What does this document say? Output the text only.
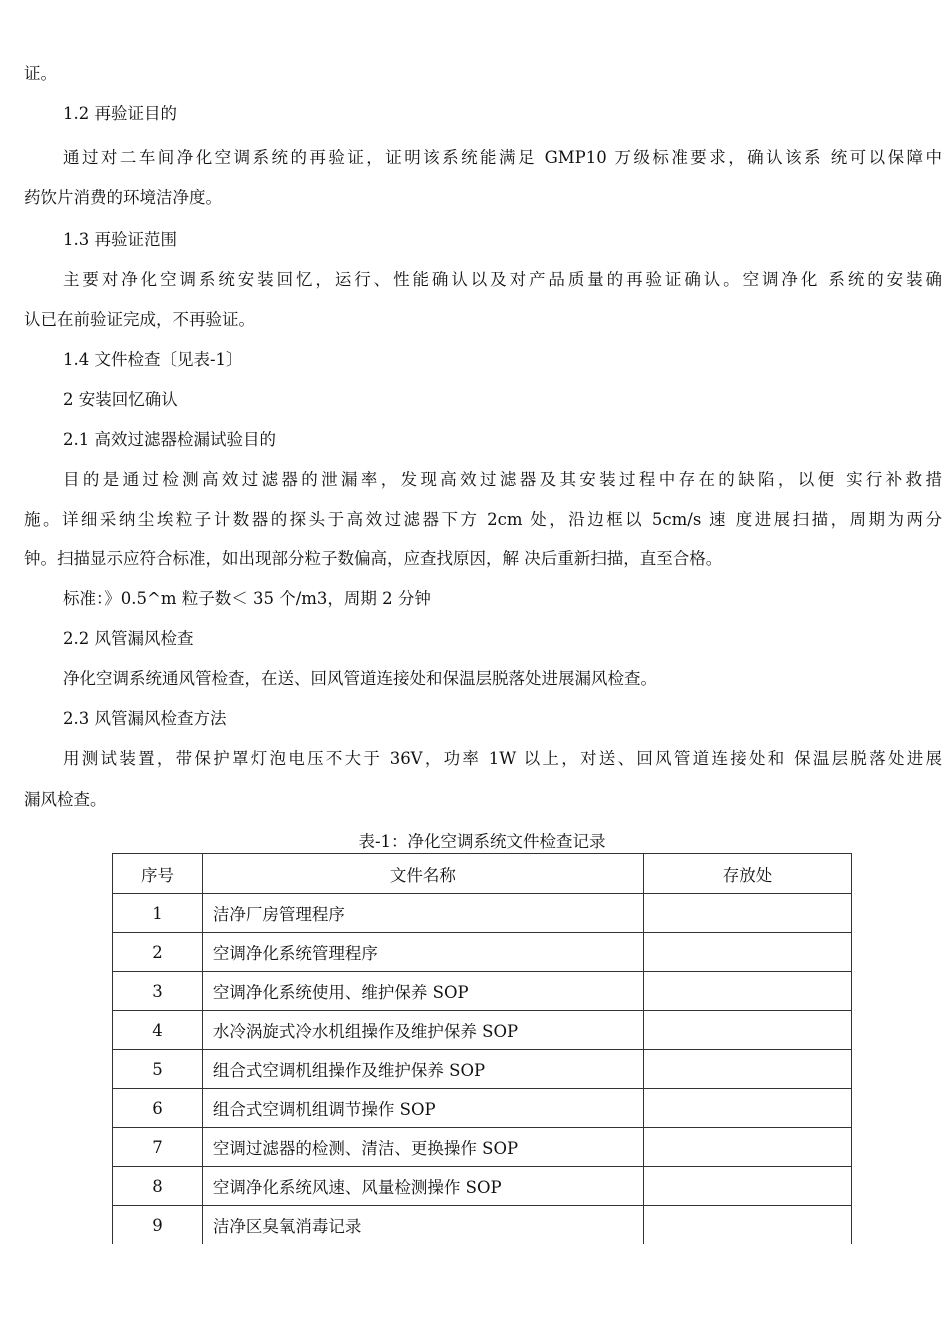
证。
1.2 再验证目的
通过对二车间净化空调系统的再验证，证明该系统能满足 GMP10 万级标准要求，确认该系 统可以保障中
药饮片消费的环境洁净度。
1.3 再验证范围
主要对净化空调系统安装回忆，运行、性能确认以及对产品质量的再验证确认。空调净化 系统的安装确
认已在前验证完成，不再验证。
1.4 文件检查〔见表-1〕
2 安装回忆确认
2.1 高效过滤器检漏试验目的
目的是通过检测高效过滤器的泄漏率，发现高效过滤器及其安装过程中存在的缺陷，以便 实行补救措
施。详细采纳尘埃粒子计数器的探头于高效过滤器下方 2cm 处，沿边框以 5cm/s 速 度进展扫描，周期为两分
钟。扫描显示应符合标准，如出现部分粒子数偏高，应查找原因，解 决后重新扫描，直至合格。
标准：》0.5^m 粒子数＜ 35 个/m3，周期 2 分钟
2.2 风管漏风检查
净化空调系统通风管检查，在送、回风管道连接处和保温层脱落处进展漏风检查。
2.3 风管漏风检查方法
用测试装置，带保护罩灯泡电压不大于 36V，功率 1W 以上，对送、回风管道连接处和 保温层脱落处进展
漏风检查。
表-1：净化空调系统文件检查记录
序号	文件名称	存放处
1	洁净厂房管理程序	
2	空调净化系统管理程序	
3	空调净化系统使用、维护保养 SOP	
4	水冷涡旋式冷水机组操作及维护保养 SOP	
5	组合式空调机组操作及维护保养 SOP	
6	组合式空调机组调节操作 SOP	
7	空调过滤器的检测、清洁、更换操作 SOP	
8	空调净化系统风速、风量检测操作 SOP	
9	洁净区臭氧消毒记录	
